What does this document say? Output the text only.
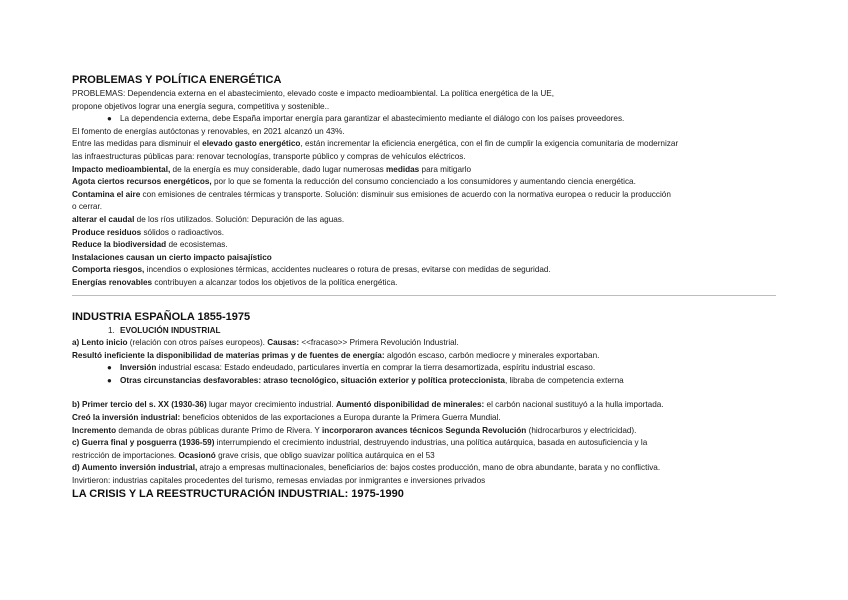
PROBLEMAS Y POLÍTICA ENERGÉTICA

PROBLEMAS: Dependencia externa en el abastecimiento, elevado coste e impacto medioambiental. La política energética de la UE,
propone objetivos lograr una energía segura, competitiva y sostenible..

● La dependencia externa, debe España importar energía para garantizar el abastecimiento mediante el diálogo con los países proveedores.

El fomento de energías autóctonas y renovables, en 2021 alcanzó un 43%.

Entre las medidas para disminuir el elevado gasto energético, están incrementar la eficiencia energética, con el fin de cumplir la exigencia comunitaria de modernizar
las infraestructuras públicas para: renovar tecnologías, transporte público y compras de vehículos eléctricos.

Impacto medioambiental, de la energía es muy considerable, dado lugar numerosas medidas para mitigarlo

Agota ciertos recursos energéticos, por lo que se fomenta la reducción del consumo concienciado a los consumidores y aumentando ciencia energética.

Contamina el aire con emisiones de centrales térmicas y transporte. Solución: disminuir sus emisiones de acuerdo con la normativa europea o reducir la producción
o cerrar.

alterar el caudal de los ríos utilizados. Solución: Depuración de las aguas.

Produce residuos sólidos o radioactivos.

Reduce la biodiversidad de ecosistemas.

Instalaciones causan un cierto impacto paisajístico

Comporta riesgos, incendios o explosiones térmicas, accidentes nucleares o rotura de presas, evitarse con medidas de seguridad.

Energías renovables contribuyen a alcanzar todos los objetivos de la política energética.

INDUSTRIA ESPAÑOLA 1855-1975
1. EVOLUCIÓN INDUSTRIAL

a) Lento inicio (relación con otros países europeos). Causas: <<fracaso>> Primera Revolución Industrial.

Resultó ineficiente la disponibilidad de materias primas y de fuentes de energía: algodón escaso, carbón mediocre y minerales exportaban.

● Inversión industrial escasa: Estado endeudado, particulares invertía en comprar la tierra desamortizada, espíritu industrial escaso.
● Otras circunstancias desfavorables: atraso tecnológico, situación exterior y política proteccionista, libraba de competencia externa

b) Primer tercio del s. XX (1930-36) lugar mayor crecimiento industrial. Aumentó disponibilidad de minerales: el carbón nacional sustituyó a la hulla importada.

Creó la inversión industrial: beneficios obtenidos de las exportaciones a Europa durante la Primera Guerra Mundial.

Incremento demanda de obras públicas durante Primo de Rivera. Y incorporaron avances técnicos Segunda Revolución (hidrocarburos y electricidad).

c) Guerra final y posguerra (1936-59) interrumpiendo el crecimiento industrial, destruyendo industrias, una política autárquica, basada en autosuficiencia y la
restricción de importaciones. Ocasionó grave crisis, que obligo suavizar política autárquica en el 53

d) Aumento inversión industrial, atrajo a empresas multinacionales, beneficiarios de: bajos costes producción, mano de obra abundante, barata y no conflictiva.

Invirtieron: industrias capitales procedentes del turismo, remesas enviadas por inmigrantes e inversiones privados

LA CRISIS Y LA REESTRUCTURACIÓN INDUSTRIAL: 1975-1990
